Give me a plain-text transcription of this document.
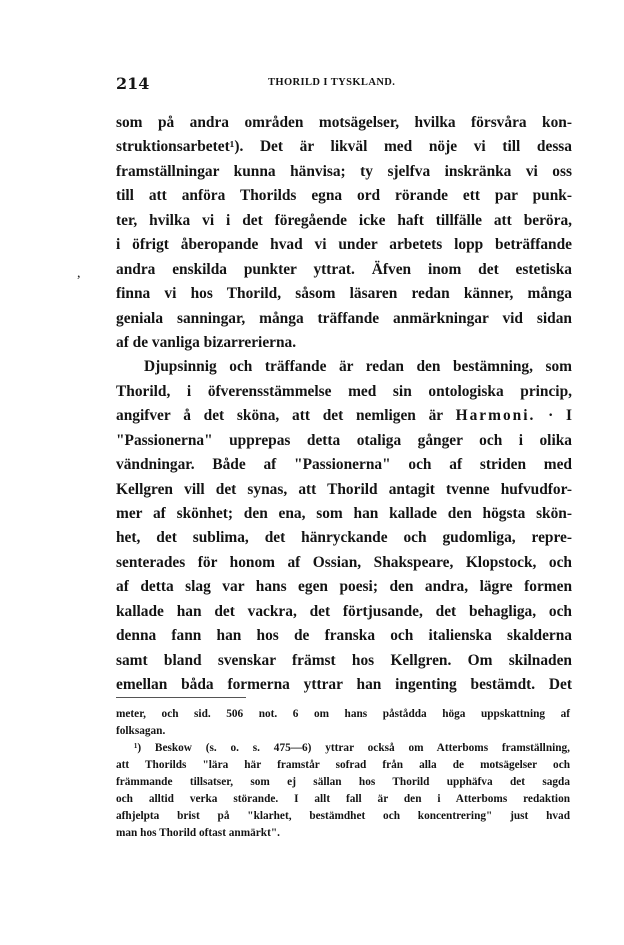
214	THORILD I TYSKLAND.
,
som på andra områden motsägelser, hvilka försvåra kon-
struktionsarbetet¹). Det är likväl med nöje vi till dessa
framställningar kunna hänvisa; ty sjelfva inskränka vi oss
till att anföra Thorilds egna ord rörande ett par punk-
ter, hvilka vi i det föregående icke haft tillfälle att beröra,
i öfrigt åberopande hvad vi under arbetets lopp beträffande
andra enskilda punkter yttrat. Äfven inom det estetiska
finna vi hos Thorild, såsom läsaren redan känner, många
geniala sanningar, många träffande anmärkningar vid sidan
af de vanliga bizarrerierna.
Djupsinnig och träffande är redan den bestämning, som
Thorild, i öfverensstämmelse med sin ontologiska princip,
angifver å det sköna, att det nemligen är Harmoni. · I
"Passionerna" upprepas detta otaliga gånger och i olika
vändningar. Både af "Passionerna" och af striden med
Kellgren vill det synas, att Thorild antagit tvenne hufvudfor-
mer af skönhet; den ena, som han kallade den högsta skön-
het, det sublima, det hänryckande och gudomliga, repre-
senterades för honom af Ossian, Shakspeare, Klopstock, och
af detta slag var hans egen poesi; den andra, lägre formen
kallade han det vackra, det förtjusande, det behagliga, och
denna fann han hos de franska och italienska skalderna
samt bland svenskar främst hos Kellgren. Om skilnaden
emellan båda formerna yttrar han ingenting bestämdt. Det
meter, och sid. 506 not. 6 om hans påstådda höga uppskattning af
folksagan.
¹) Beskow (s. o. s. 475—6) yttrar också om Atterboms framställning,
att Thorilds "lära här framstår sofrad från alla de motsägelser och
främmande tillsatser, som ej sällan hos Thorild upphäfva det sagda
och alltid verka störande. I allt fall är den i Atterboms redaktion
afhjelpta brist på "klarhet, bestämdhet och koncentrering" just hvad
man hos Thorild oftast anmärkt".
